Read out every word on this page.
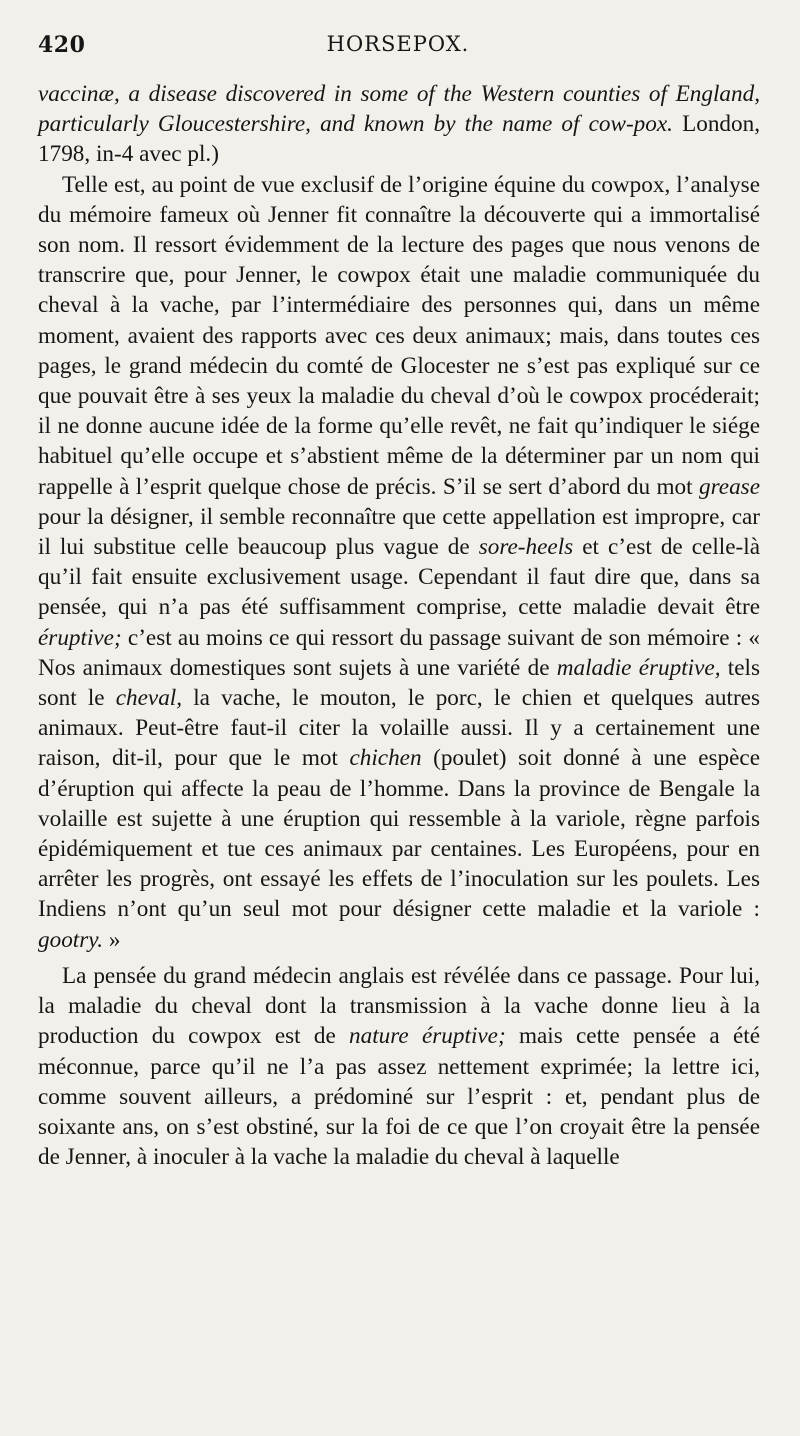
420	HORSEPOX.

vaccinæ, a disease discovered in some of the Western counties of England, particularly Gloucestershire, and known by the name of cow-pox. London, 1798, in-4 avec pl.)

Telle est, au point de vue exclusif de l’origine équine du cowpox, l’analyse du mémoire fameux où Jenner fit connaître la découverte qui a immortalisé son nom. Il ressort évidemment de la lecture des pages que nous venons de transcrire que, pour Jenner, le cowpox était une maladie communiquée du cheval à la vache, par l’intermédiaire des personnes qui, dans un même moment, avaient des rapports avec ces deux animaux; mais, dans toutes ces pages, le grand médecin du comté de Glocester ne s’est pas expliqué sur ce que pouvait être à ses yeux la maladie du cheval d’où le cowpox procéderait; il ne donne aucune idée de la forme qu’elle revêt, ne fait qu’indiquer le siége habituel qu’elle occupe et s’abstient même de la déterminer par un nom qui rappelle à l’esprit quelque chose de précis. S’il se sert d’abord du mot grease pour la désigner, il semble reconnaître que cette appellation est impropre, car il lui substitue celle beaucoup plus vague de sore-heels et c’est de celle-là qu’il fait ensuite exclusivement usage. Cependant il faut dire que, dans sa pensée, qui n’a pas été suffisamment comprise, cette maladie devait être éruptive; c’est au moins ce qui ressort du passage suivant de son mémoire : « Nos animaux domestiques sont sujets à une variété de maladie éruptive, tels sont le cheval, la vache, le mouton, le porc, le chien et quelques autres animaux. Peut-être faut-il citer la volaille aussi. Il y a certainement une raison, dit-il, pour que le mot chichen (poulet) soit donné à une espèce d’éruption qui affecte la peau de l’homme. Dans la province de Bengale la volaille est sujette à une éruption qui ressemble à la variole, règne parfois épidémiquement et tue ces animaux par centaines. Les Européens, pour en arrêter les progrès, ont essayé les effets de l’inoculation sur les poulets. Les Indiens n’ont qu’un seul mot pour désigner cette maladie et la variole : gootry. »

La pensée du grand médecin anglais est révélée dans ce passage. Pour lui, la maladie du cheval dont la transmission à la vache donne lieu à la production du cowpox est de nature éruptive; mais cette pensée a été méconnue, parce qu’il ne l’a pas assez nettement exprimée; la lettre ici, comme souvent ailleurs, a prédominé sur l’esprit : et, pendant plus de soixante ans, on s’est obstiné, sur la foi de ce que l’on croyait être la pensée de Jenner, à inoculer à la vache la maladie du cheval à laquelle
